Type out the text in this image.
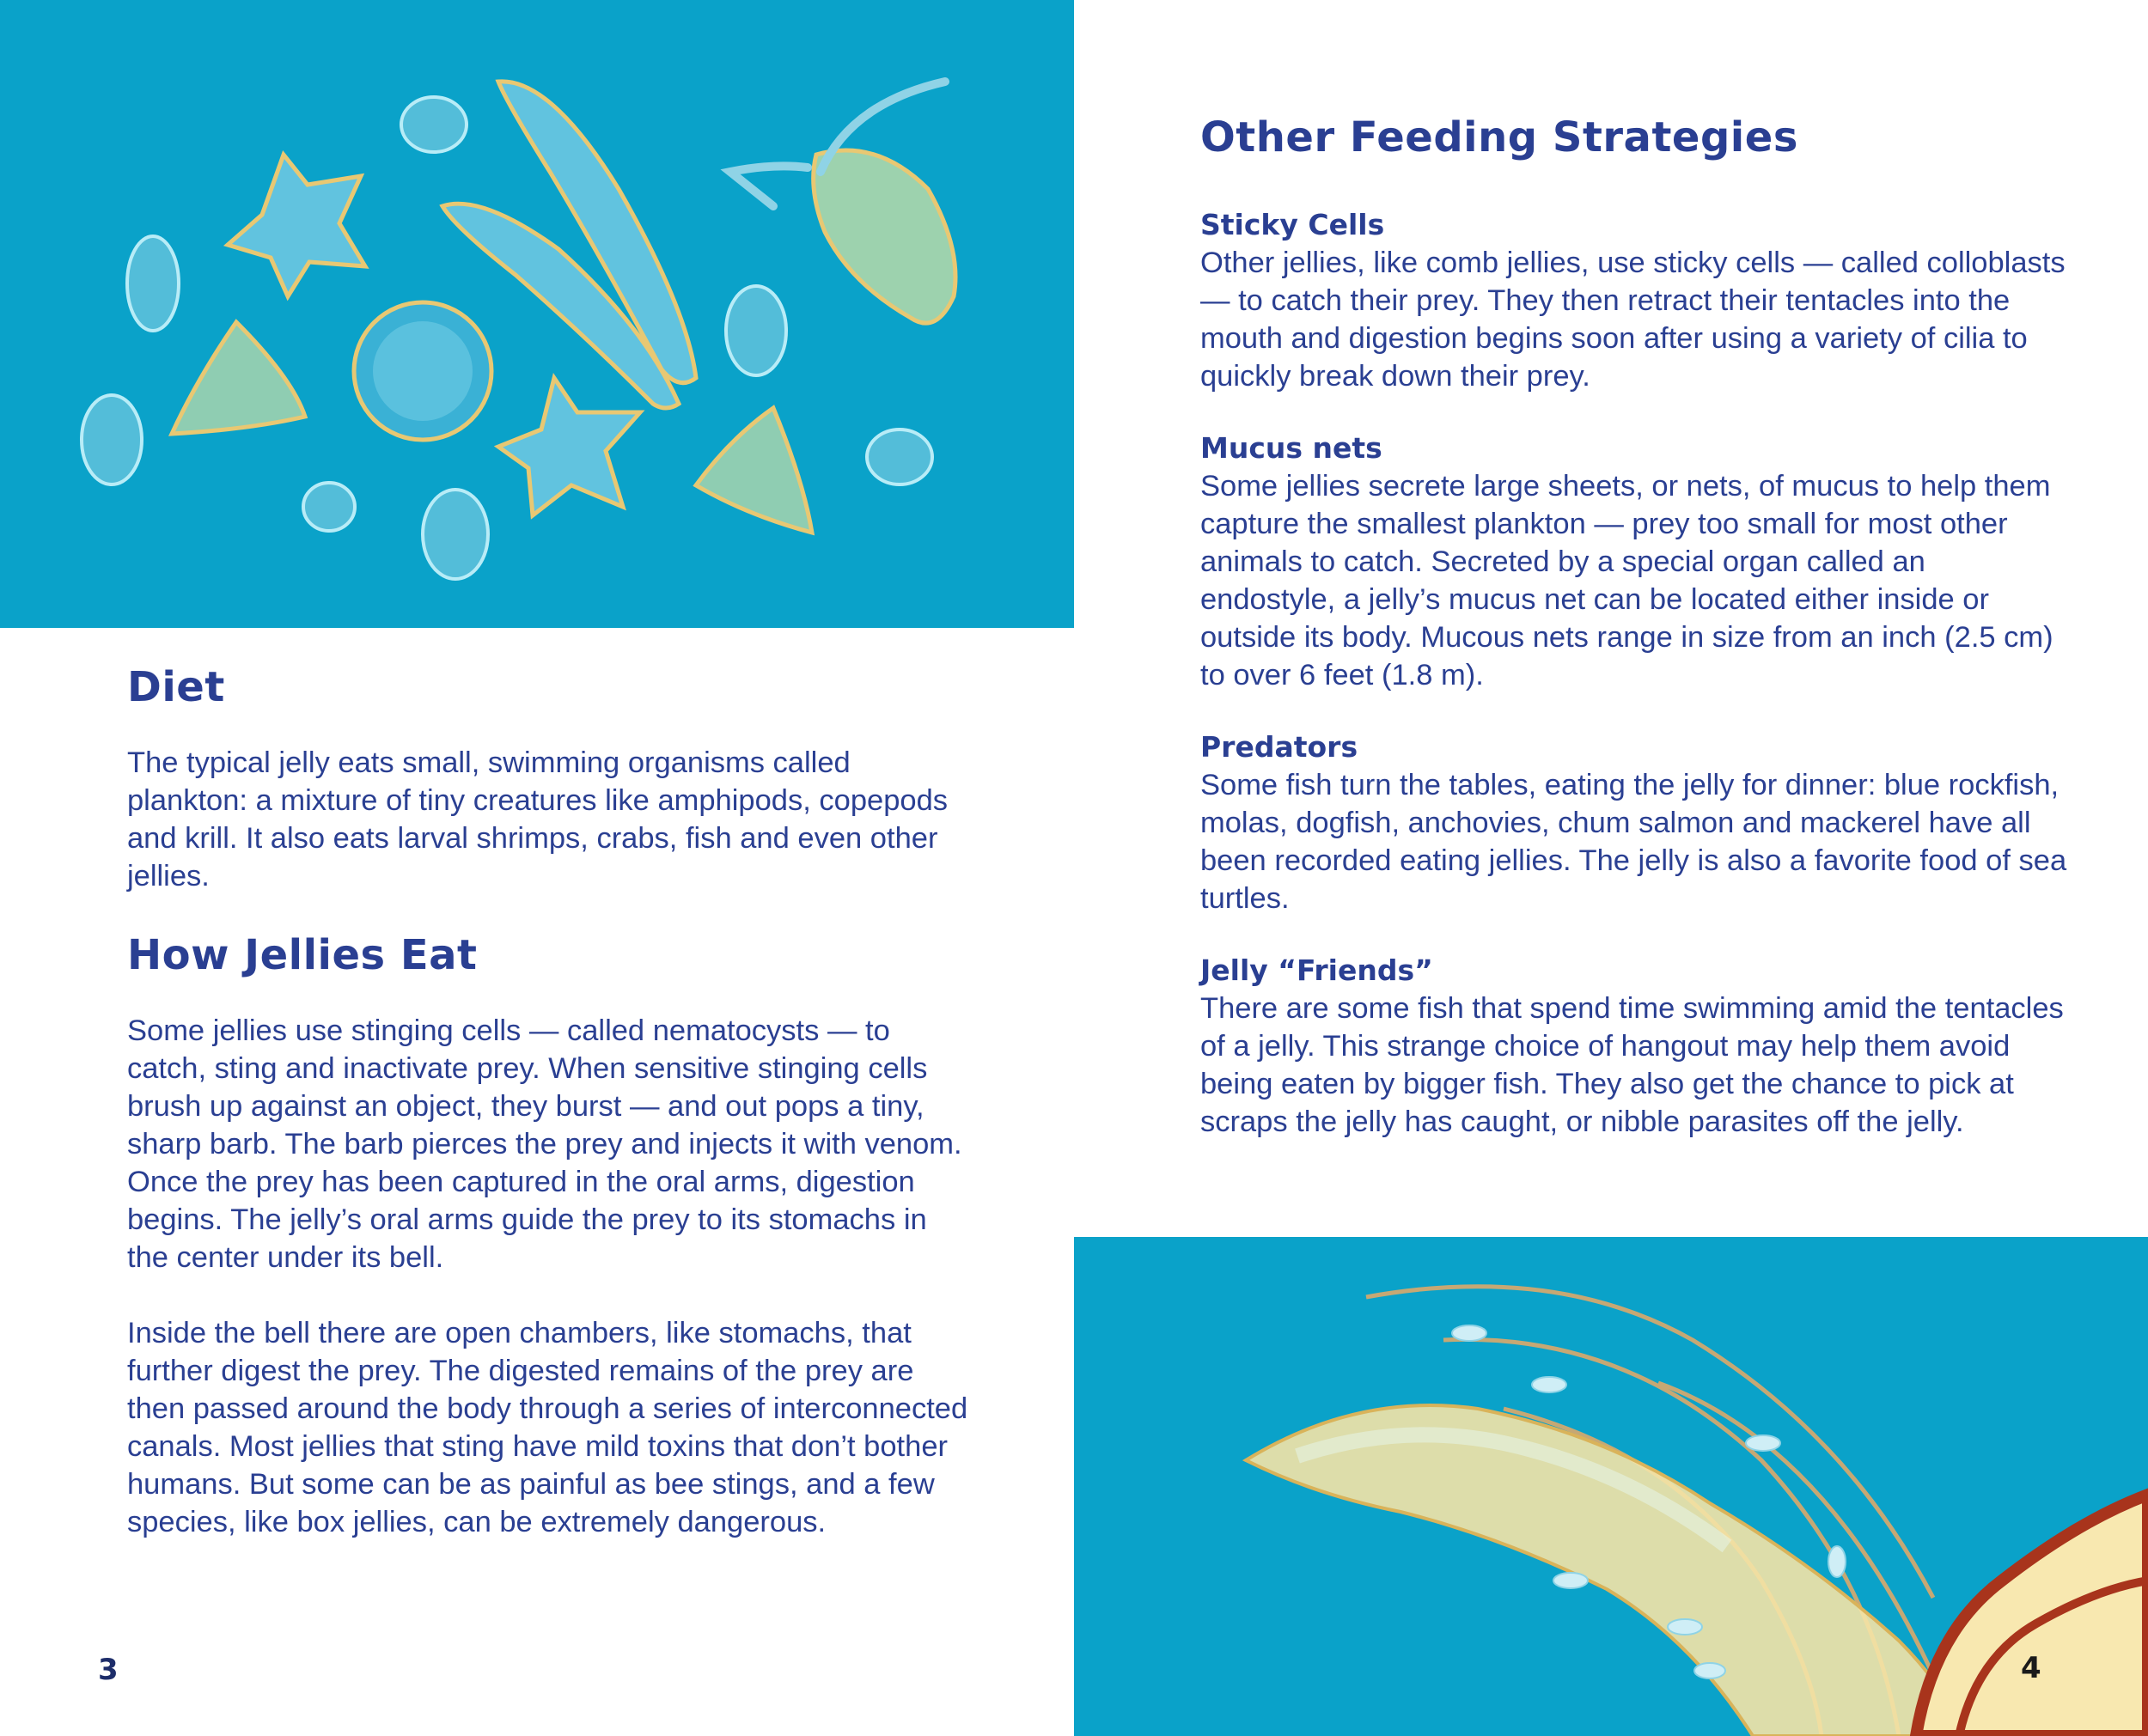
Diet

The typical jelly eats small, swimming organisms called plankton: a mixture of tiny creatures like amphipods, copepods and krill. It also eats larval shrimps, crabs, fish and even other jellies.

How Jellies Eat

Some jellies use stinging cells — called nematocysts — to catch, sting and inactivate prey. When sensitive stinging cells brush up against an object, they burst — and out pops a tiny, sharp barb. The barb pierces the prey and injects it with venom. Once the prey has been captured in the oral arms, digestion begins. The jelly’s oral arms guide the prey to its stomachs in the center under its bell.

Inside the bell there are open chambers, like stomachs, that further digest the prey. The digested remains of the prey are then passed around the body through a series of interconnected canals. Most jellies that sting have mild toxins that don’t bother humans. But some can be as painful as bee stings, and a few species, like box jellies, can be extremely dangerous.

Other Feeding Strategies
Sticky Cells

Other jellies, like comb jellies, use sticky cells — called colloblasts — to catch their prey. They then retract their tentacles into the mouth and digestion begins soon after using a variety of cilia to quickly break down their prey.

Mucus nets

Some jellies secrete large sheets, or nets, of mucus to help them capture the smallest plankton — prey too small for most other animals to catch. Secreted by a special organ called an endostyle, a jelly’s mucus net can be located either inside or outside its body. Mucous nets range in size from an inch (2.5 cm) to over 6 feet (1.8 m).

Predators

Some fish turn the tables, eating the jelly for dinner: blue rockfish, molas, dogfish, anchovies, chum salmon and mackerel have all been recorded eating jellies. The jelly is also a favorite food of sea turtles.

Jelly “Friends”

There are some fish that spend time swimming amid the tentacles of a jelly. This strange choice of hangout may help them avoid being eaten by bigger fish. They also get the chance to pick at scraps the jelly has caught, or nibble parasites off the jelly.

3	4
